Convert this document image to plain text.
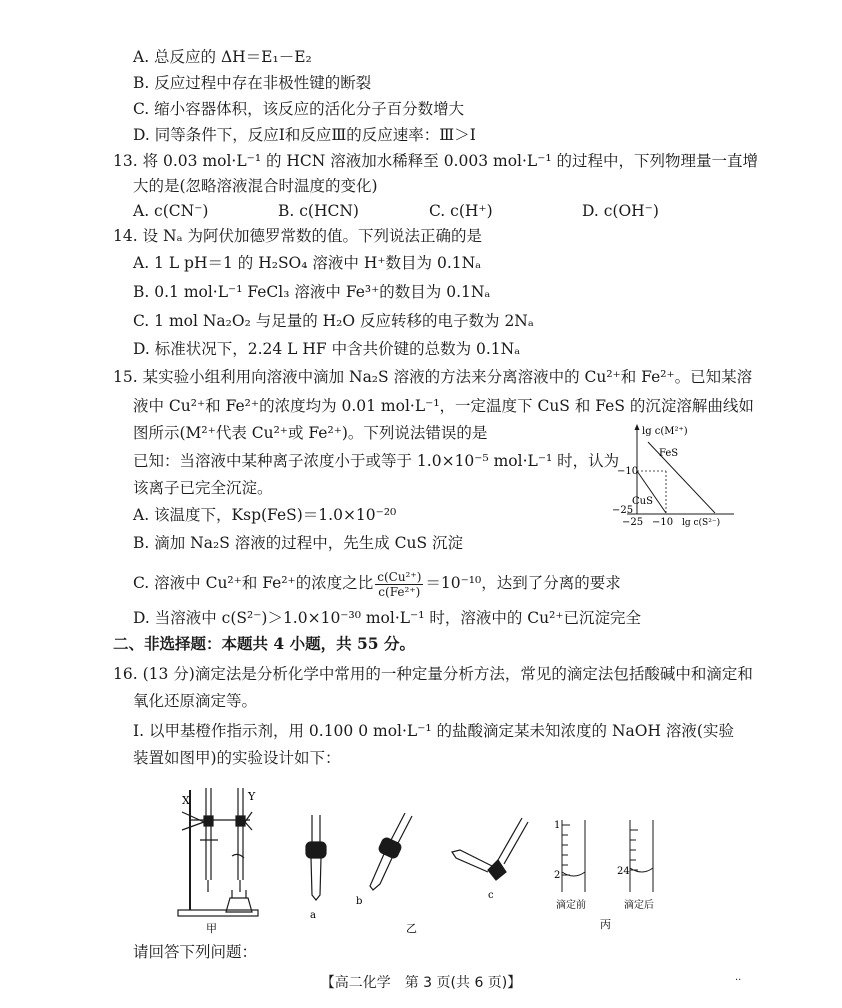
A. 总反应的 ΔH＝E₁－E₂
B. 反应过程中存在非极性键的断裂
C. 缩小容器体积，该反应的活化分子百分数增大
D. 同等条件下，反应Ⅰ和反应Ⅲ的反应速率：Ⅲ＞Ⅰ
13. 将 0.03 mol·L⁻¹ 的 HCN 溶液加水稀释至 0.003 mol·L⁻¹ 的过程中，下列物理量一直增
大的是(忽略溶液混合时温度的变化)
A. c(CN⁻)	B. c(HCN)	C. c(H⁺)	D. c(OH⁻)
14. 设 Nₐ 为阿伏加德罗常数的值。下列说法正确的是
A. 1 L pH＝1 的 H₂SO₄ 溶液中 H⁺数目为 0.1Nₐ
B. 0.1 mol·L⁻¹ FeCl₃ 溶液中 Fe³⁺的数目为 0.1Nₐ
C. 1 mol Na₂O₂ 与足量的 H₂O 反应转移的电子数为 2Nₐ
D. 标准状况下，2.24 L HF 中含共价键的总数为 0.1Nₐ
15. 某实验小组利用向溶液中滴加 Na₂S 溶液的方法来分离溶液中的 Cu²⁺和 Fe²⁺。已知某溶
液中 Cu²⁺和 Fe²⁺的浓度均为 0.01 mol·L⁻¹，一定温度下 CuS 和 FeS 的沉淀溶解曲线如
图所示(M²⁺代表 Cu²⁺或 Fe²⁺)。下列说法错误的是
已知：当溶液中某种离子浓度小于或等于 1.0×10⁻⁵ mol·L⁻¹ 时，认为
该离子已完全沉淀。
A. 该温度下，Ksp(FeS)＝1.0×10⁻²⁰
B. 滴加 Na₂S 溶液的过程中，先生成 CuS 沉淀
C. 溶液中 Cu²⁺和 Fe²⁺的浓度之比 $\frac{\text{c(Cu²⁺)}}{\text{c(Fe²⁺)}} =10^{-10}$，达到了分离的要求
D. 当溶液中 c(S²⁻)＞1.0×10⁻³⁰ mol·L⁻¹ 时，溶液中的 Cu²⁺已沉淀完全
lg c(M²⁺)
lg c(S²⁻)
−10
−25
−25 −10
FeS
CuS
二、非选择题：本题共 4 小题，共 55 分。
16. (13 分)滴定法是分析化学中常用的一种定量分析方法，常见的滴定法包括酸碱中和滴定和
氧化还原滴定等。
Ⅰ. 以甲基橙作指示剂，用 0.100 0 mol·L⁻¹ 的盐酸滴定某未知浓度的 NaOH 溶液(实验
装置如图甲)的实验设计如下：
X	Y
甲
a
b
c
乙
1
2	24
滴定前	滴定后
丙
请回答下列问题：
【高二化学　第 3 页(共 6 页)】	··
